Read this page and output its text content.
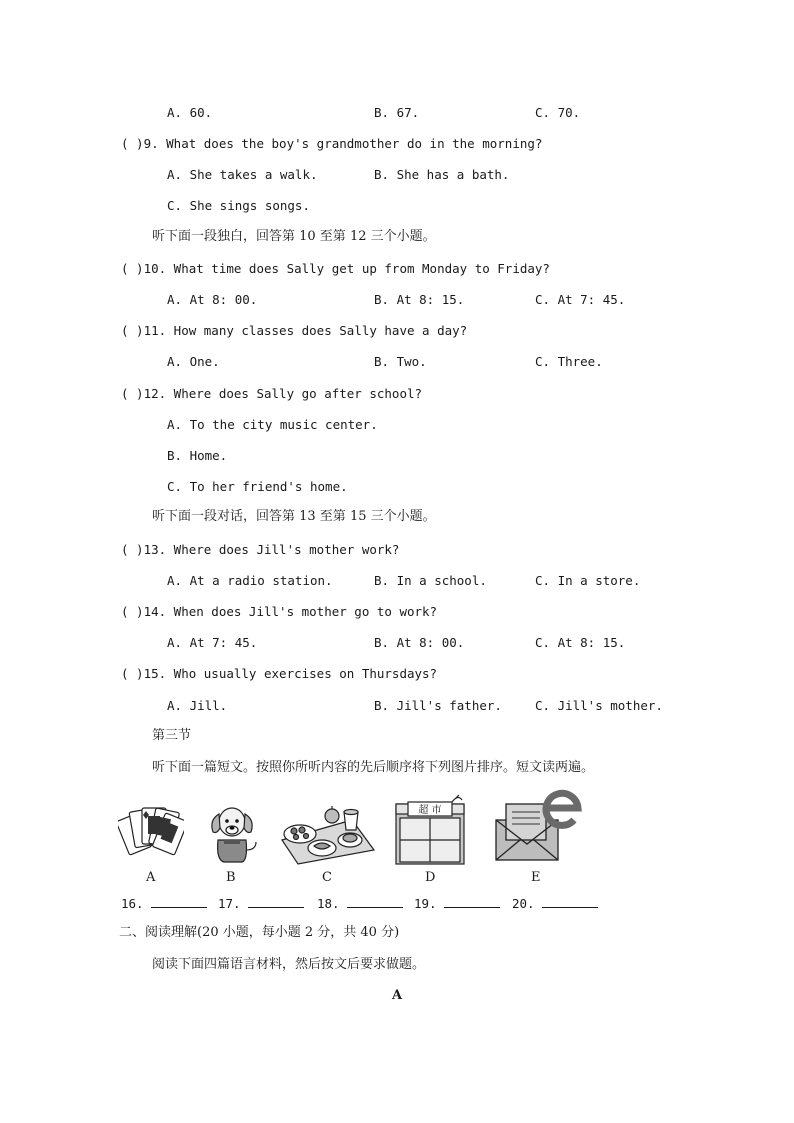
A. 60.	B. 67.	C. 70.
( )9. What does the boy's grandmother do in the morning?
A. She takes a walk.	B. She has a bath.
C. She sings songs.
听下面一段独白，回答第 10 至第 12 三个小题。
( )10. What time does Sally get up from Monday to Friday?
A. At 8: 00.	B. At 8: 15.	C. At 7: 45.
( )11. How many classes does Sally have a day?
A. One.	B. Two.	C. Three.
( )12. Where does Sally go after school?
A. To the city music center.
B. Home.
C. To her friend's home.
听下面一段对话，回答第 13 至第 15 三个小题。
( )13. Where does Jill's mother work?
A. At a radio station.	B. In a school.	C. In a store.
( )14. When does Jill's mother go to work?
A. At 7: 45.	B. At 8: 00.	C. At 8: 15.
( )15. Who usually exercises on Thursdays?
A. Jill.	B. Jill's father.	C. Jill's mother.
第三节
听下面一篇短文。按照你所听内容的先后顺序将下列图片排序。短文读两遍。
超 市
A	B	C	D	E
16.	17.	18.	19.	20.
二、阅读理解(20 小题，每小题 2 分，共 40 分)
阅读下面四篇语言材料，然后按文后要求做题。
A
